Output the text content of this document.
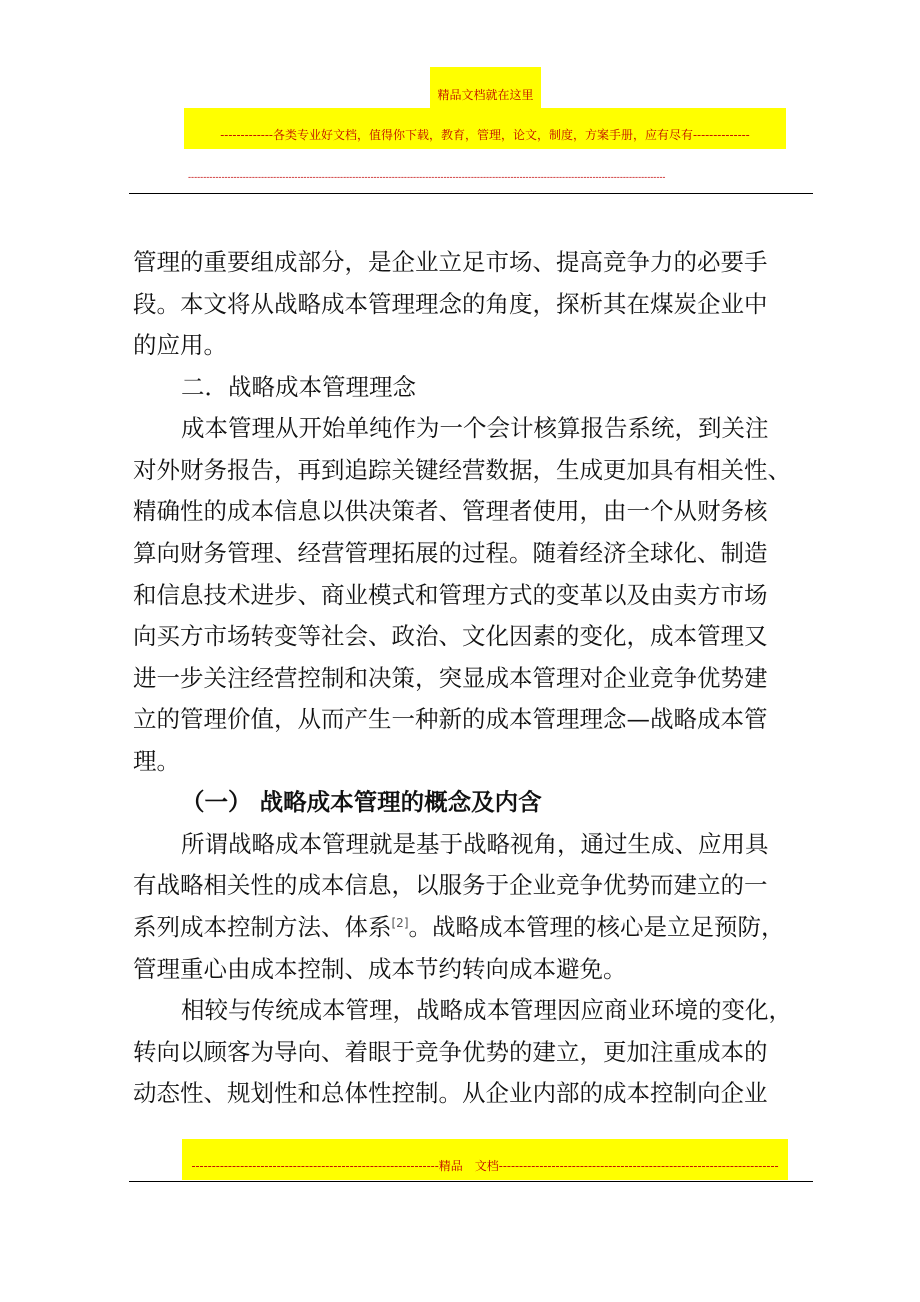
精品文档就在这里
-------------各类专业好文档，值得你下载，教育，管理，论文，制度，方案手册，应有尽有--------------
-------------------------------------------------------------------------------------------------------------------------------------------------------------
管理的重要组成部分，是企业立足市场、提高竞争力的必要手
段。本文将从战略成本管理理念的角度，探析其在煤炭企业中
的应用。
二．战略成本管理理念
成本管理从开始单纯作为一个会计核算报告系统，到关注
对外财务报告，再到追踪关键经营数据，生成更加具有相关性、
精确性的成本信息以供决策者、管理者使用，由一个从财务核
算向财务管理、经营管理拓展的过程。随着经济全球化、制造
和信息技术进步、商业模式和管理方式的变革以及由卖方市场
向买方市场转变等社会、政治、文化因素的变化，成本管理又
进一步关注经营控制和决策，突显成本管理对企业竞争优势建
立的管理价值，从而产生一种新的成本管理理念—战略成本管
理。
（一） 战略成本管理的概念及内含
所谓战略成本管理就是基于战略视角，通过生成、应用具
有战略相关性的成本信息，以服务于企业竞争优势而建立的一
系列成本控制方法、体系[2]。战略成本管理的核心是立足预防，
管理重心由成本控制、成本节约转向成本避免。
相较与传统成本管理，战略成本管理因应商业环境的变化，
转向以顾客为导向、着眼于竞争优势的建立，更加注重成本的
动态性、规划性和总体性控制。从企业内部的成本控制向企业
-------------------------------------------------------------精品　文档---------------------------------------------------------------------
